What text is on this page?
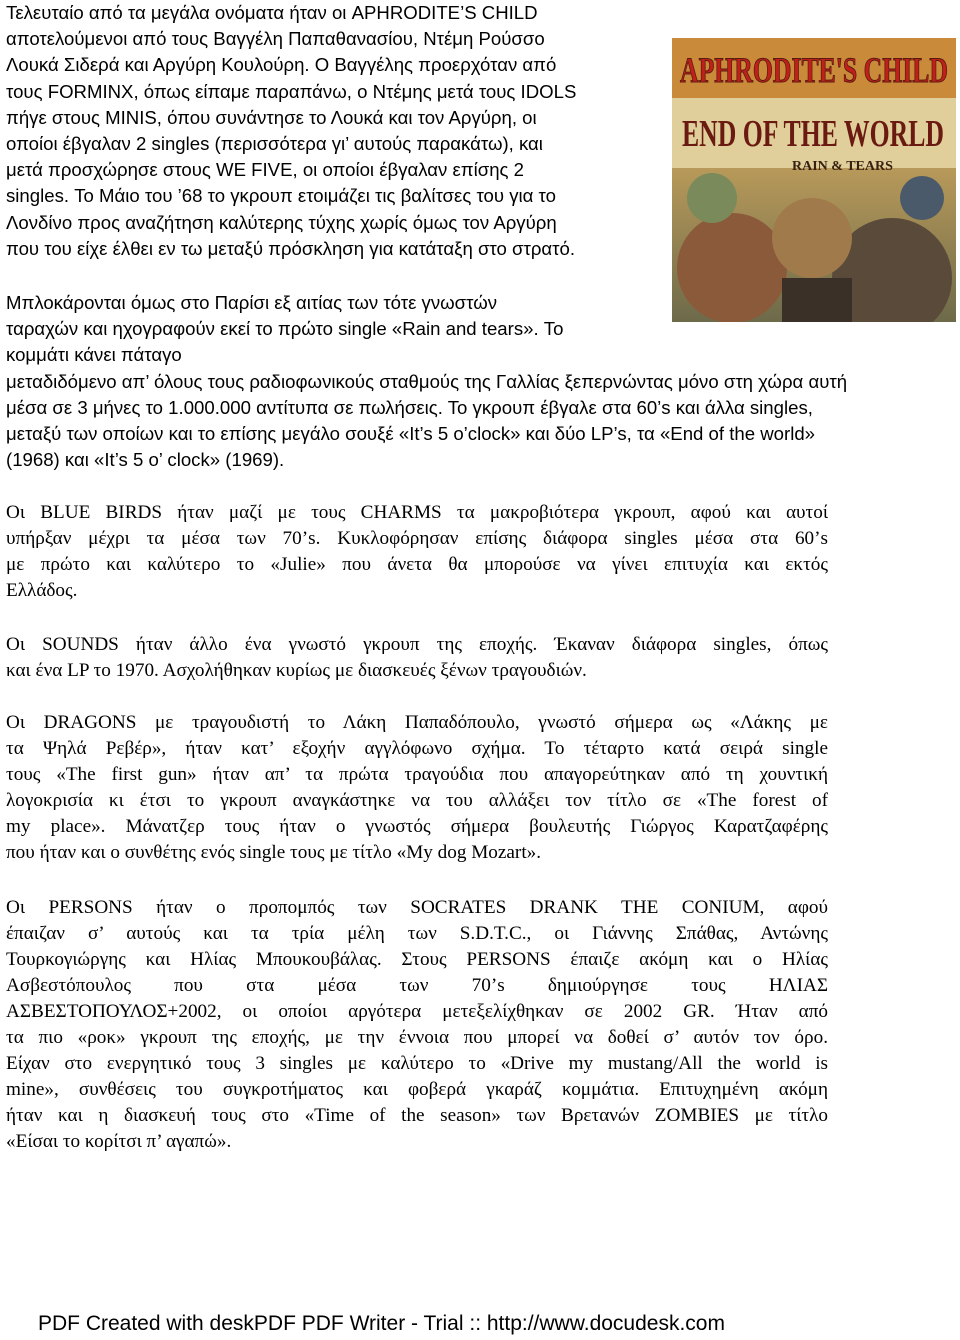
Τελευταίο από τα μεγάλα ονόματα ήταν οι APHRODITE’S CHILD
αποτελούμενοι από τους Βαγγέλη Παπαθανασίου, Ντέμη Ρούσσο
Λουκά Σιδερά και Αργύρη Κουλούρη. Ο Βαγγέλης προερχόταν από
τους FORMINX, όπως είπαμε παραπάνω, ο Ντέμης μετά τους IDOLS
πήγε στους MINIS, όπου συνάντησε το Λουκά και τον Αργύρη, οι
οποίοι έβγαλαν 2 singles (περισσότερα γι’ αυτούς παρακάτω), και
μετά προσχώρησε στους WE FIVE, οι οποίοι έβγαλαν επίσης 2
singles. Το Μάιο του ’68 το γκρουπ ετοιμάζει τις βαλίτσες του για το
Λονδίνο προς αναζήτηση καλύτερης τύχης χωρίς όμως τον Αργύρη
που του είχε έλθει εν τω μεταξύ πρόσκληση για κατάταξη στο στρατό.
Μπλοκάρονται όμως στο Παρίσι εξ αιτίας των τότε γνωστών
ταραχών και ηχογραφούν εκεί το πρώτο single «Rain and tears». Το
κομμάτι κάνει πάταγο
μεταδιδόμενο απ’ όλους τους ραδιοφωνικούς σταθμούς της Γαλλίας ξεπερνώντας μόνο στη χώρα αυτή
μέσα σε 3 μήνες το 1.000.000 αντίτυπα σε πωλήσεις. Το γκρουπ έβγαλε στα 60’s και άλλα singles,
μεταξύ των οποίων και το επίσης μεγάλο σουξέ «It’s 5 o’clock» και δύο LP’s, τα «End of the world»
(1968) και «It’s 5 o’ clock» (1969).
APHRODITE'S CHILD
END OF THE WORLD
RAIN & TEARS
Οι BLUE BIRDS ήταν μαζί με τους CHARMS τα μακροβιότερα γκρουπ, αφού και αυτοί
υπήρξαν μέχρι τα μέσα των 70’s. Κυκλοφόρησαν επίσης διάφορα singles μέσα στα 60’s
με πρώτο και καλύτερο το «Julie» που άνετα θα μπορούσε να γίνει επιτυχία και εκτός
Ελλάδος.
Οι SOUNDS ήταν άλλο ένα γνωστό γκρουπ της εποχής. Έκαναν διάφορα singles, όπως
και ένα LP το 1970. Ασχολήθηκαν κυρίως με διασκευές ξένων τραγουδιών.
Οι DRAGONS με τραγουδιστή το Λάκη Παπαδόπουλο, γνωστό σήμερα ως «Λάκης με
τα Ψηλά Ρεβέρ», ήταν κατ’ εξοχήν αγγλόφωνο σχήμα. Το τέταρτο κατά σειρά single
τους «The first gun» ήταν απ’ τα πρώτα τραγούδια που απαγορεύτηκαν από τη χουντική
λογοκρισία κι έτσι το γκρουπ αναγκάστηκε να του αλλάξει τον τίτλο σε «The forest of
my place». Μάνατζερ τους ήταν ο γνωστός σήμερα βουλευτής Γιώργος Καρατζαφέρης
που ήταν και ο συνθέτης ενός single τους με τίτλο «My dog Mozart».
Οι PERSONS ήταν ο προπομπός των SOCRATES DRANK THE CONIUM, αφού
έπαιζαν σ’ αυτούς και τα τρία μέλη των S.D.T.C., οι Γιάννης Σπάθας, Αντώνης
Τουρκογιώργης και Ηλίας Μπουκουβάλας. Στους PERSONS έπαιζε ακόμη και ο Ηλίας
Ασβεστόπουλος που στα μέσα των 70’s δημιούργησε τους ΗΛΙΑΣ
ΑΣΒΕΣΤΟΠΟΥΛΟΣ+2002, οι οποίοι αργότερα μετεξελίχθηκαν σε 2002 GR. Ήταν από
τα πιο «ροκ» γκρουπ της εποχής, με την έννοια που μπορεί να δοθεί σ’ αυτόν τον όρο.
Είχαν στο ενεργητικό τους 3 singles με καλύτερο το «Drive my mustang/All the world is
mine», συνθέσεις του συγκροτήματος και φοβερά γκαράζ κομμάτια. Επιτυχημένη ακόμη
ήταν και η διασκευή τους στο «Time of the season» των Βρετανών ZOMBIES με τίτλο
«Είσαι το κορίτσι π’ αγαπώ».
PDF Created with deskPDF PDF Writer - Trial :: http://www.docudesk.com
